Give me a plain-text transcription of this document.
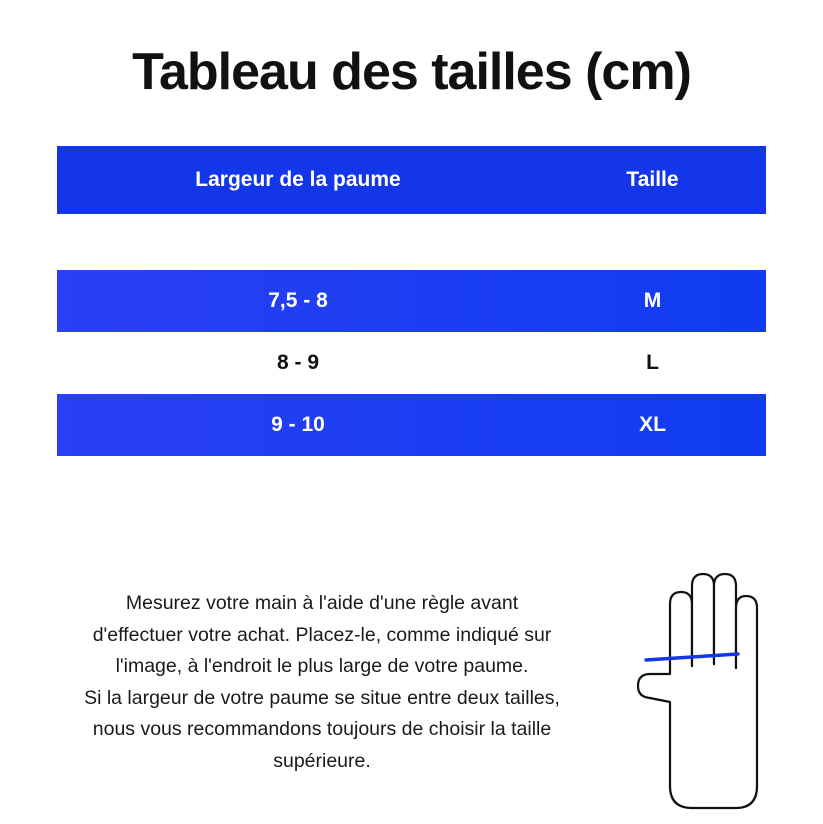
Tableau des tailles (cm)
Largeur de la paume	Taille
7,5 - 8	M
8 - 9	L
9 - 10	XL

Mesurez votre main à l'aide d'une règle avant

d'effectuer votre achat. Placez-le, comme indiqué sur

l'image, à l'endroit le plus large de votre paume.

Si la largeur de votre paume se situe entre deux tailles,

nous vous recommandons toujours de choisir la taille

supérieure.
